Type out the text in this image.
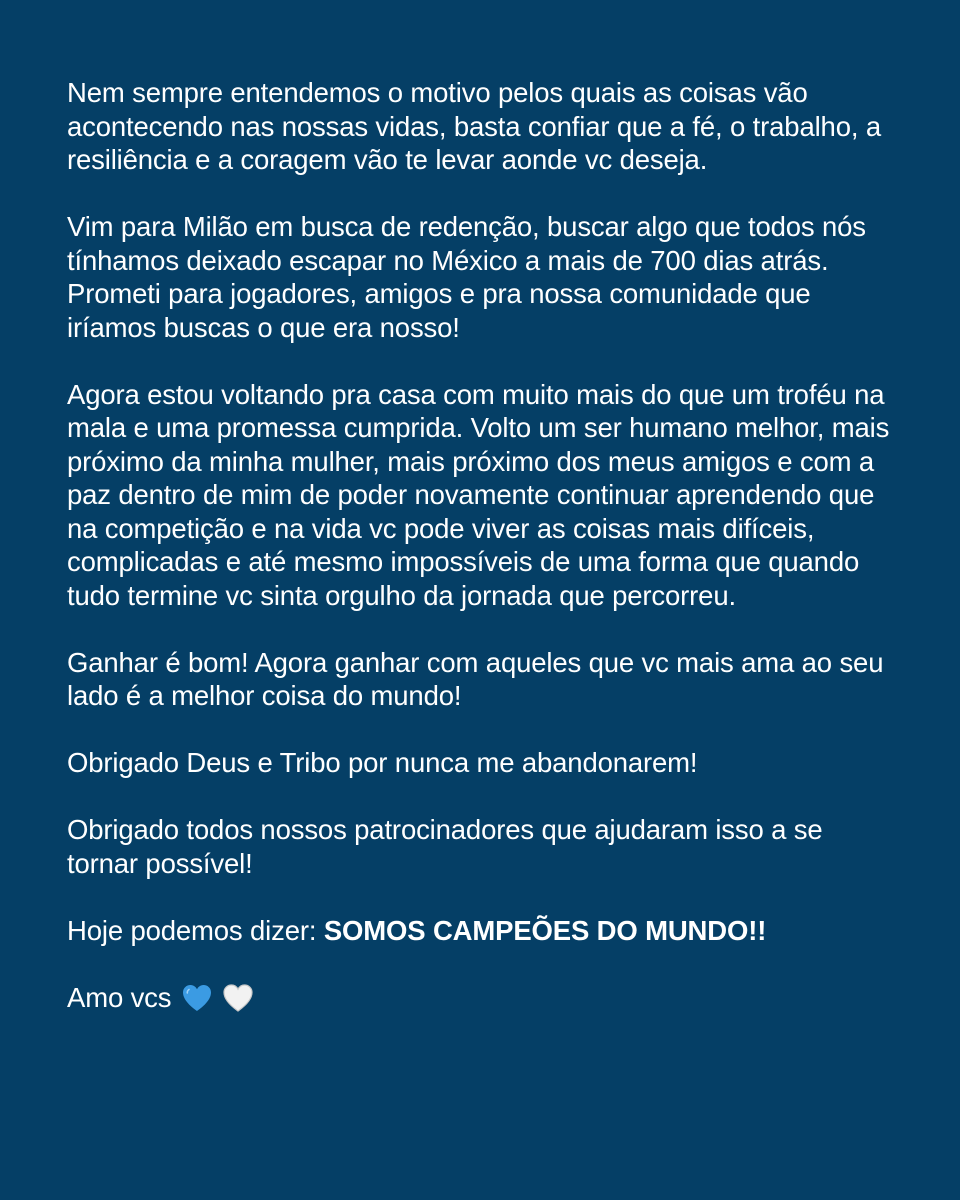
Nem sempre entendemos o motivo pelos quais as coisas vão acontecendo nas nossas vidas, basta confiar que a fé, o trabalho, a resiliência e a coragem vão te levar aonde vc deseja.

Vim para Milão em busca de redenção, buscar algo que todos nós tínhamos deixado escapar no México a mais de 700 dias atrás. Prometi para jogadores, amigos e pra nossa comunidade que iríamos buscas o que era nosso!

Agora estou voltando pra casa com muito mais do que um troféu na mala e uma promessa cumprida. Volto um ser humano melhor, mais próximo da minha mulher, mais próximo dos meus amigos e com a paz dentro de mim de poder novamente continuar aprendendo que na competição e na vida vc pode viver as coisas mais difíceis, complicadas e até mesmo impossíveis de uma forma que quando tudo termine vc sinta orgulho da jornada que percorreu.

Ganhar é bom! Agora ganhar com aqueles que vc mais ama ao seu lado é a melhor coisa do mundo!

Obrigado Deus e Tribo por nunca me abandonarem!

Obrigado todos nossos patrocinadores que ajudaram isso a se tornar possível!

Hoje podemos dizer: SOMOS CAMPEÕES DO MUNDO!!

Amo vcs
